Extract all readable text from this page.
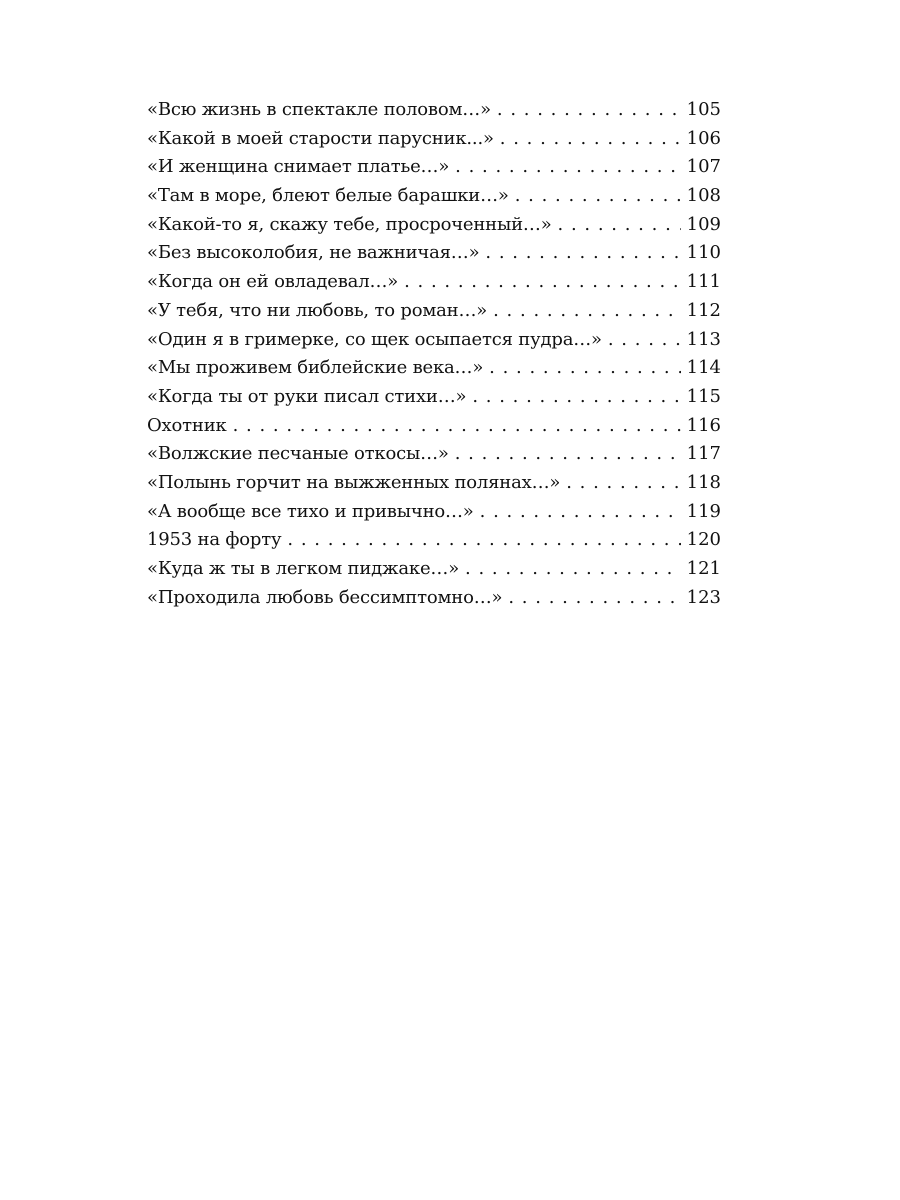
«Всю жизнь в спектакле половом…» . . .	105
«Какой в моей старости парусник...» . . .	106
«И женщина снимает платье…» . . .	107
«Там в море, блеют белые барашки…» . . .	108
«Какой-то я, скажу тебе, просроченный…» . . .	109
«Без высоколобия, не важничая…» . . .	110
«Когда он ей овладевал…» . . .	111
«У тебя, что ни любовь, то роман…» . . .	112
«Один я в гримерке, со щек осыпается пудра…» . . .	113
«Мы проживем библейские века…» . . .	114
«Когда ты от руки писал стихи…» . . .	115
Охотник . . .	116
«Волжские песчаные откосы…» . . .	117
«Полынь горчит на выжженных полянах…» . . .	118
«А вообще все тихо и привычно…» . . .	119
1953 на форту . . .	120
«Куда ж ты в легком пиджаке…» . . .	121
«Проходила любовь бессимптомно…» . . .	123
